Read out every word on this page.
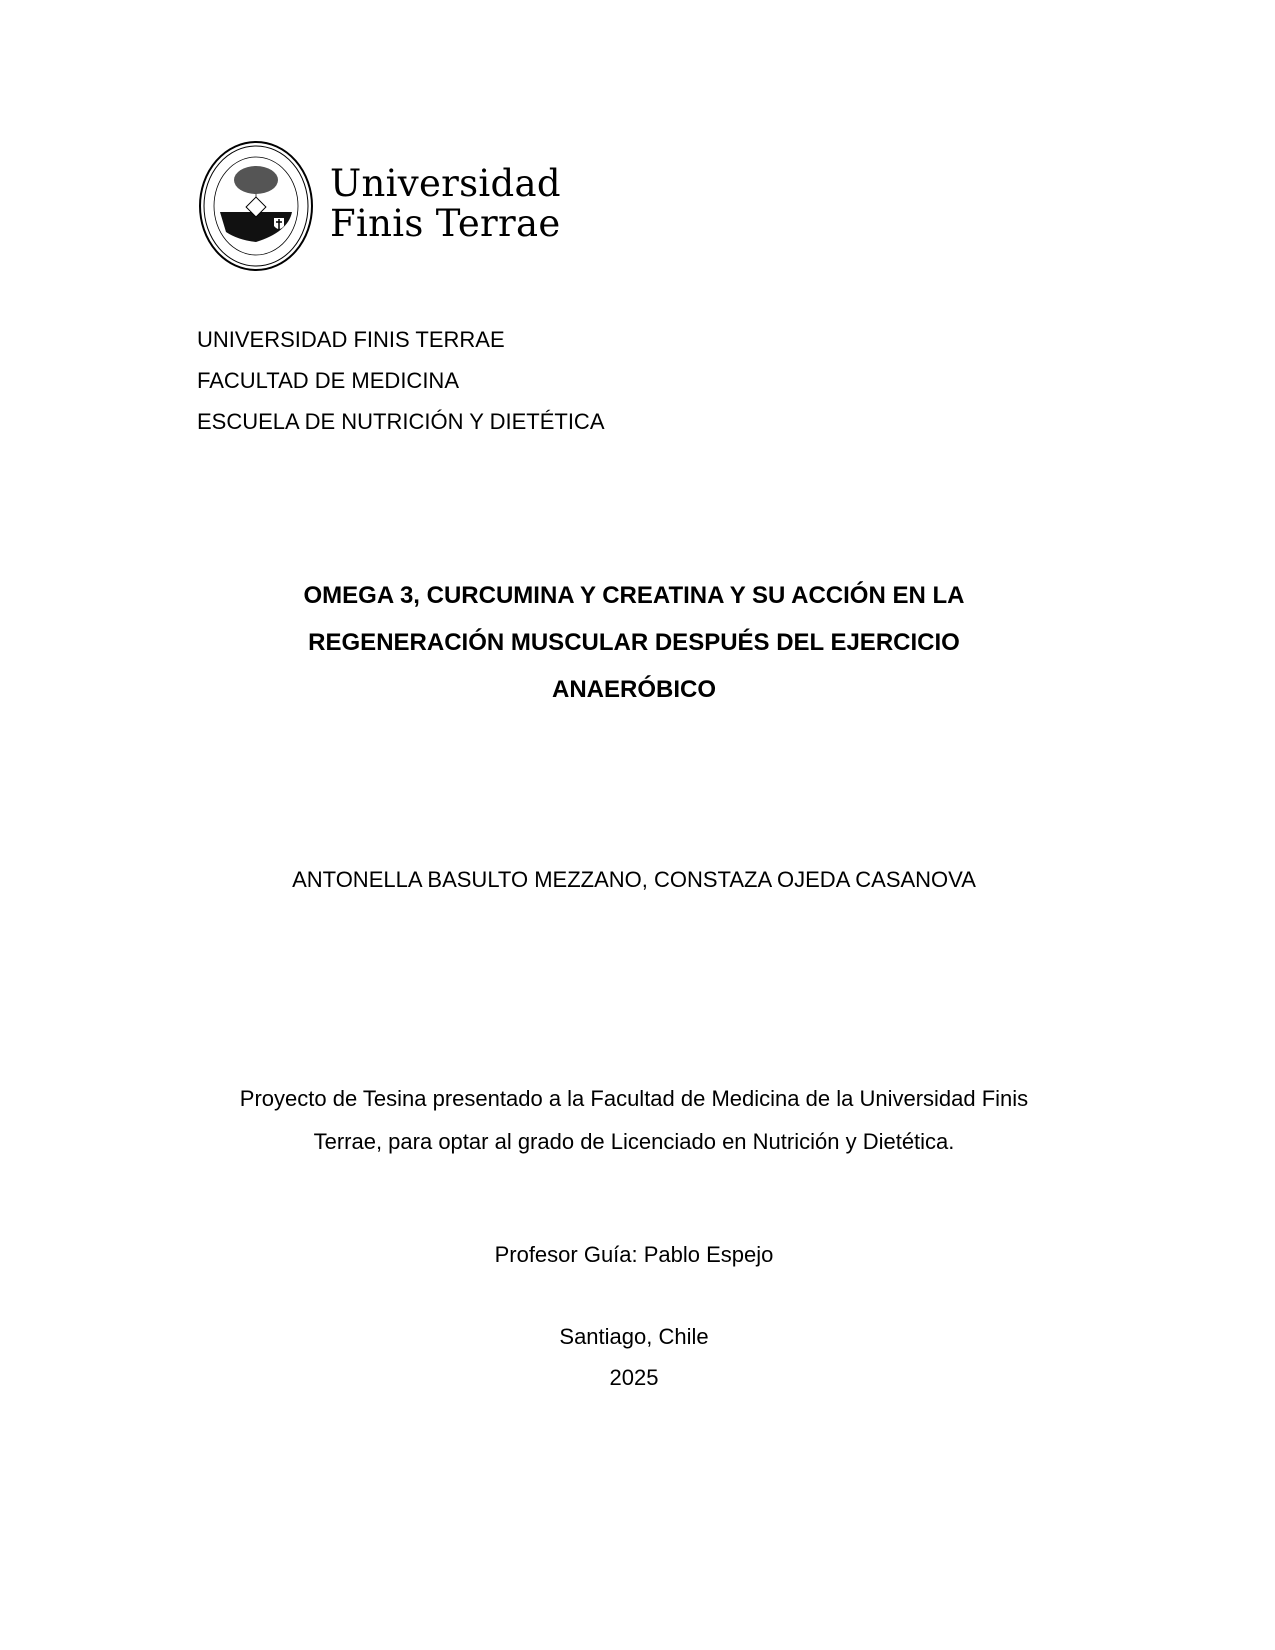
Universidad
Finis Terrae
UNIVERSIDAD FINIS TERRAE
FACULTAD DE MEDICINA
ESCUELA DE NUTRICIÓN Y DIETÉTICA
OMEGA 3, CURCUMINA Y CREATINA Y SU ACCIÓN EN LA
REGENERACIÓN MUSCULAR DESPUÉS DEL EJERCICIO
ANAERÓBICO
ANTONELLA BASULTO MEZZANO, CONSTAZA OJEDA CASANOVA
Proyecto de Tesina presentado a la Facultad de Medicina de la Universidad Finis
Terrae, para optar al grado de Licenciado en Nutrición y Dietética.
Profesor Guía: Pablo Espejo
Santiago, Chile
2025
